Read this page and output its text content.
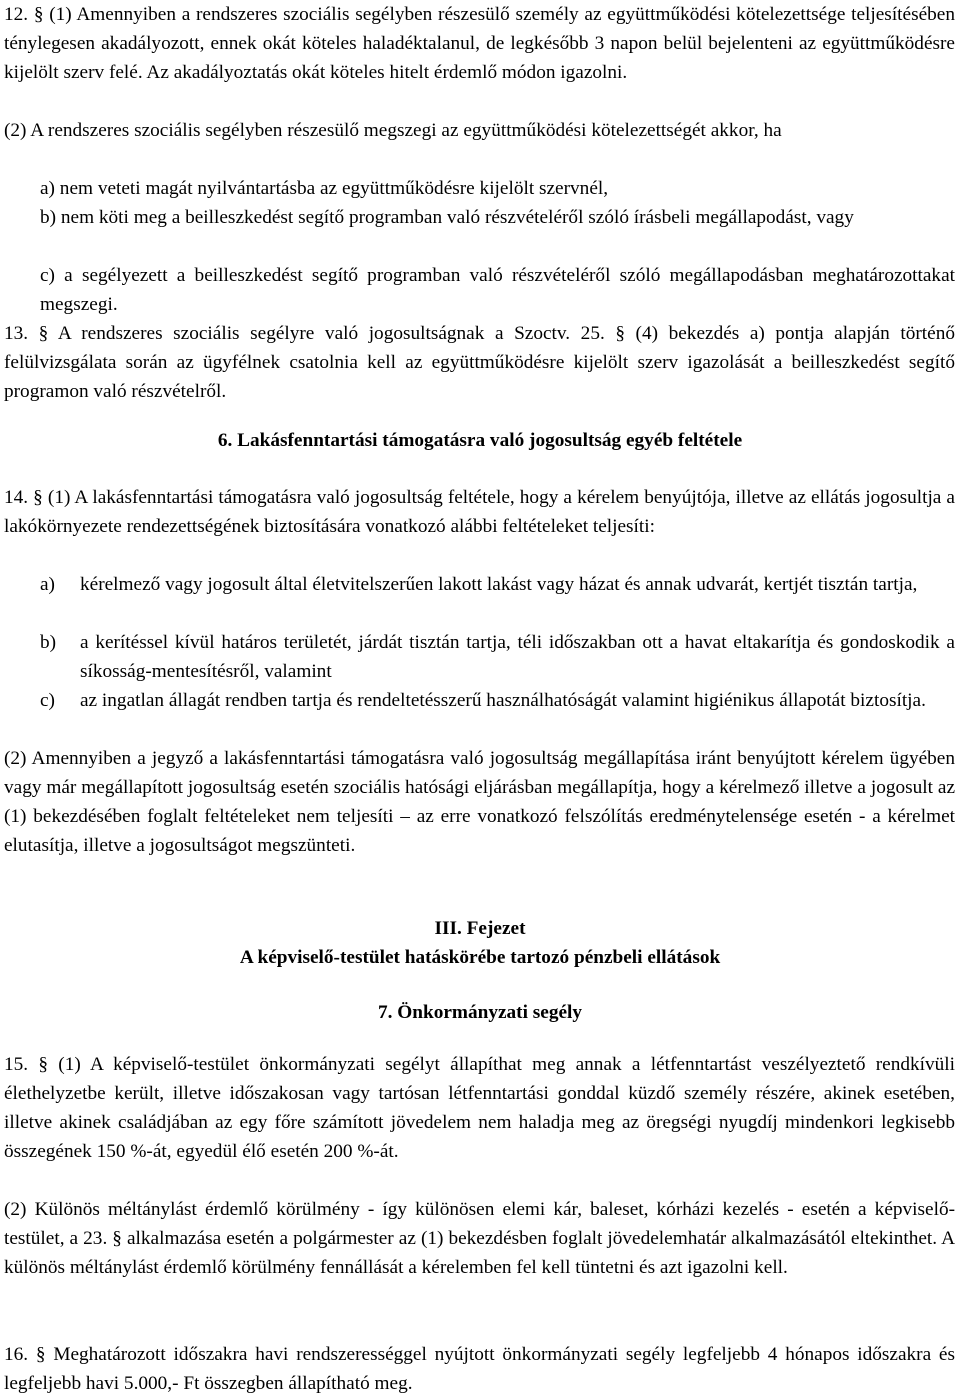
12. § (1) Amennyiben a rendszeres szociális segélyben részesülő személy az együttműködési kötelezettsége teljesítésében ténylegesen akadályozott, ennek okát köteles haladéktalanul, de legkésőbb 3 napon belül bejelenteni az együttműködésre kijelölt szerv felé. Az akadályoztatás okát köteles hitelt érdemlő módon igazolni.

(2) A rendszeres szociális segélyben részesülő megszegi az együttműködési kötelezettségét akkor, ha

a) nem veteti magát nyilvántartásba az együttműködésre kijelölt szervnél,

b) nem köti meg a beilleszkedést segítő programban való részvételéről szóló írásbeli megállapodást, vagy

c) a segélyezett a beilleszkedést segítő programban való részvételéről szóló megállapodásban meghatározottakat megszegi.

13. § A rendszeres szociális segélyre való jogosultságnak a Szoctv. 25. § (4) bekezdés a) pontja alapján történő felülvizsgálata során az ügyfélnek csatolnia kell az együttműködésre kijelölt szerv igazolását a beilleszkedést segítő programon való részvételről.

6. Lakásfenntartási támogatásra való jogosultság egyéb feltétele

14. § (1) A lakásfenntartási támogatásra való jogosultság feltétele, hogy a kérelem benyújtója, illetve az ellátás jogosultja a lakókörnyezete rendezettségének biztosítására vonatkozó alábbi feltételeket teljesíti:

a) kérelmező vagy jogosult által életvitelszerűen lakott lakást vagy házat és annak udvarát, kertjét tisztán tartja,

b) a kerítéssel kívül határos területét, járdát tisztán tartja, téli időszakban ott a havat eltakarítja és gondoskodik a síkosság-mentesítésről, valamint

c) az ingatlan állagát rendben tartja és rendeltetésszerű használhatóságát valamint higiénikus állapotát biztosítja.

(2) Amennyiben a jegyző a lakásfenntartási támogatásra való jogosultság megállapítása iránt benyújtott kérelem ügyében vagy már megállapított jogosultság esetén szociális hatósági eljárásban megállapítja, hogy a kérelmező illetve a jogosult az (1) bekezdésében foglalt feltételeket nem teljesíti – az erre vonatkozó felszólítás eredménytelensége esetén - a kérelmet elutasítja, illetve a jogosultságot megszünteti.

III. Fejezet
A képviselő-testület hatáskörébe tartozó pénzbeli ellátások
7. Önkormányzati segély

15. § (1) A képviselő-testület önkormányzati segélyt állapíthat meg annak a létfenntartást veszélyeztető rendkívüli élethelyzetbe került, illetve időszakosan vagy tartósan létfenntartási gonddal küzdő személy részére, akinek esetében, illetve akinek családjában az egy főre számított jövedelem nem haladja meg az öregségi nyugdíj mindenkori legkisebb összegének 150 %-át, egyedül élő esetén 200 %-át.

(2) Különös méltánylást érdemlő körülmény - így különösen elemi kár, baleset, kórházi kezelés - esetén a képviselő-testület, a 23. § alkalmazása esetén a polgármester az (1) bekezdésben foglalt jövedelemhatár alkalmazásától eltekinthet. A különös méltánylást érdemlő körülmény fennállását a kérelemben fel kell tüntetni és azt igazolni kell.

16. § Meghatározott időszakra havi rendszerességgel nyújtott önkormányzati segély legfeljebb 4 hónapos időszakra és legfeljebb havi 5.000,- Ft összegben állapítható meg.
